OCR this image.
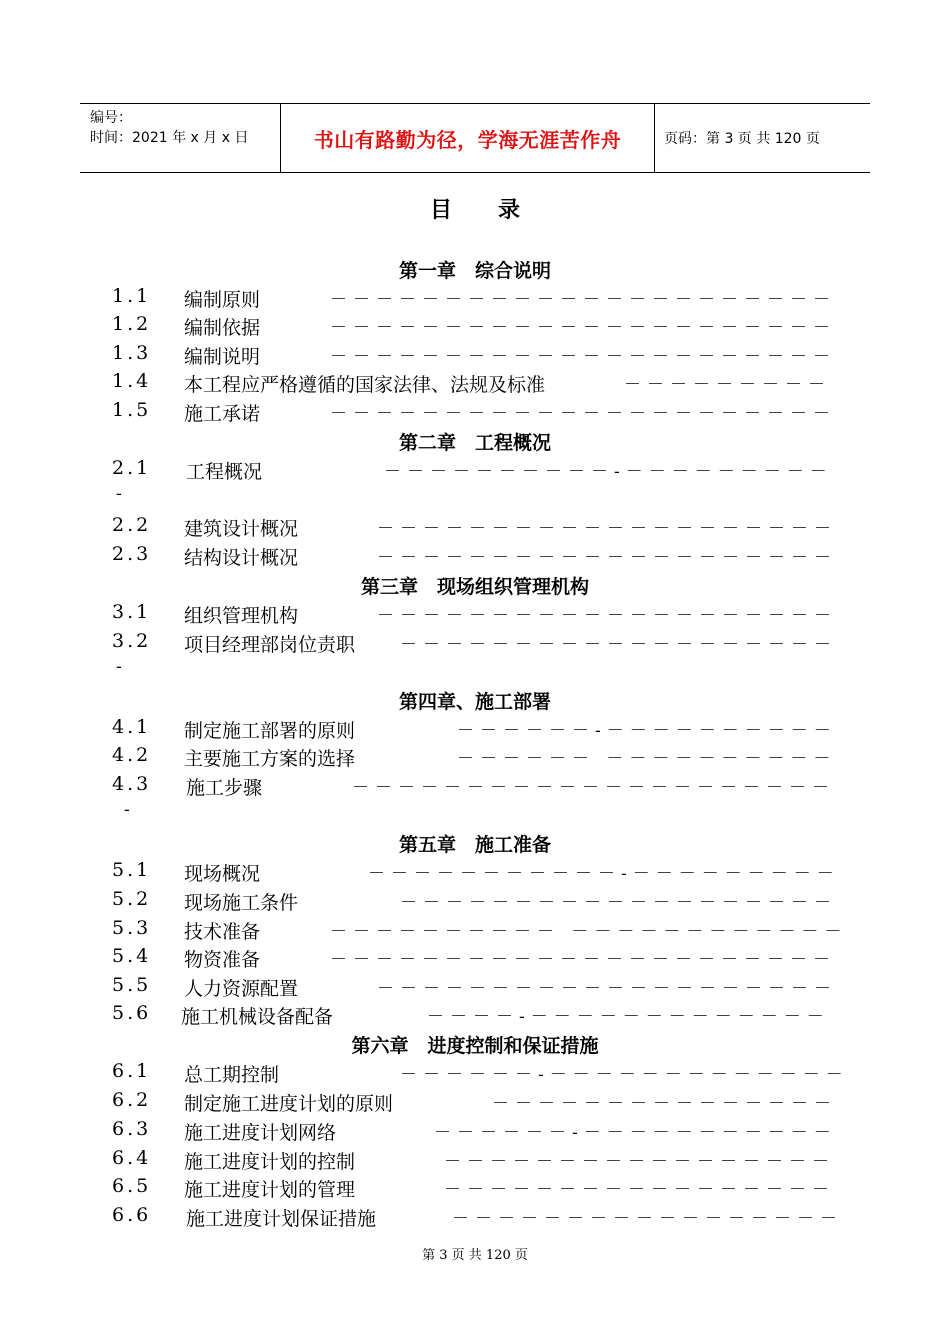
编号：
时间：2021 年 x 月 x 日	书山有路勤为径，学海无涯苦作舟	页码：第 3 页 共 120 页
目录
第一章　综合说明
第二章　工程概况
第三章　现场组织管理机构
第四章、施工部署
第五章　施工准备
第六章　进度控制和保证措施
1.1 编制原则	－－－－－－－－－－－－－－－－－－－－－－
1.2 编制依据	－－－－－－－－－－－－－－－－－－－－－－
1.3 编制说明	－－－－－－－－－－－－－－－－－－－－－－
1.4 本工程应严格遵循的国家法律、法规及标准	－－－－－－－－－
1.5 施工承诺	－－－－－－－－－－－－－－－－－－－－－－
2.1 工程概况	－－－－－－－－－－-－－－－－－－－－
-
2.2 建筑设计概况	－－－－－－－－－－－－－－－－－－－－
2.3 结构设计概况	－－－－－－－－－－－－－－－－－－－－
3.1 组织管理机构	－－－－－－－－－－－－－－－－－－－－
3.2 项目经理部岗位责职	－－－－－－－－－－－－－－－－－－－
-
4.1 制定施工部署的原则	－－－－－－-－－－－－－－－－－
4.2 主要施工方案的选择	－－－－－－ －－－－－－－－－－
4.3 施工步骤	－－－－－－－－－－－－－－－－－－－－－
-
5.1 现场概况	－－－－－－－－－－－-－－－－－－－－－
5.2 现场施工条件	－－－－－－－－－－－－－－－－－－－
5.3 技术准备	－－－－－－－－－－ －－－－－－－－－－－－
5.4 物资准备	－－－－－－－－－－－－－－－－－－－－－－
5.5 人力资源配置	－－－－－－－－－－－－－－－－－－－－
5.6 施工机械设备配备	－－－－-－－－－－－－－－－－－－
6.1 总工期控制	－－－－－－-－－－－－－－－－－－－－
6.2 制定施工进度计划的原则	－－－－－－－－－－－－－－－
6.3 施工进度计划网络	－－－－－－-－－－－－－－－－－－
6.4 施工进度计划的控制	－－－－－－－－－－－－－－－－－
6.5 施工进度计划的管理	－－－－－－－－－－－－－－－－－
6.6 施工进度计划保证措施	－－－－－－－－－－－－－－－－－
第 3 页 共 120 页
